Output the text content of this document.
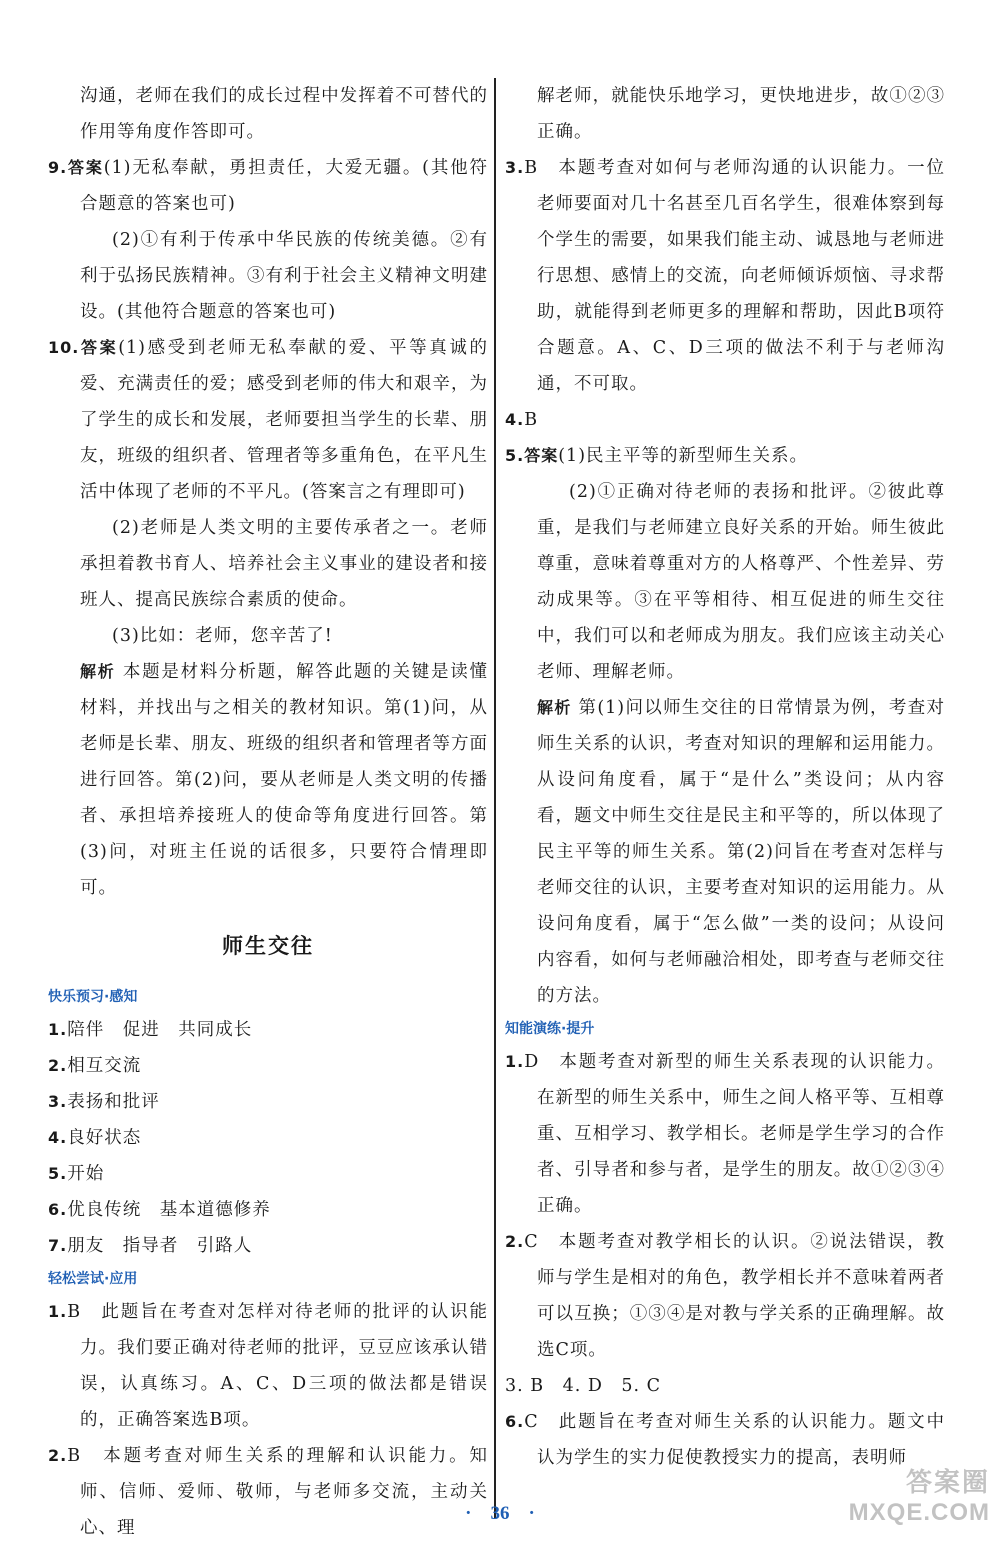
沟通，老师在我们的成长过程中发挥着不可替代的作用等角度作答即可。

9.答案(1)无私奉献，勇担责任，大爱无疆。(其他符合题意的答案也可)

(2)①有利于传承中华民族的传统美德。②有利于弘扬民族精神。③有利于社会主义精神文明建设。(其他符合题意的答案也可)

10.答案(1)感受到老师无私奉献的爱、平等真诚的爱、充满责任的爱；感受到老师的伟大和艰辛，为了学生的成长和发展，老师要担当学生的长辈、朋友，班级的组织者、管理者等多重角色，在平凡生活中体现了老师的不平凡。(答案言之有理即可)

(2)老师是人类文明的主要传承者之一。老师承担着教书育人、培养社会主义事业的建设者和接班人、提高民族综合素质的使命。

(3)比如：老师，您辛苦了!

解析 本题是材料分析题，解答此题的关键是读懂材料，并找出与之相关的教材知识。第(1)问，从老师是长辈、朋友、班级的组织者和管理者等方面进行回答。第(2)问，要从老师是人类文明的传播者、承担培养接班人的使命等角度进行回答。第(3)问，对班主任说的话很多，只要符合情理即可。

师生交往
快乐预习·感知

1.陪伴　促进　共同成长

2.相互交流

3.表扬和批评

4.良好状态

5.开始

6.优良传统　基本道德修养

7.朋友　指导者　引路人

轻松尝试·应用

1.B　此题旨在考查对怎样对待老师的批评的认识能力。我们要正确对待老师的批评，豆豆应该承认错误，认真练习。A、C、D三项的做法都是错误的，正确答案选B项。

2.B　本题考查对师生关系的理解和认识能力。知师、信师、爱师、敬师，与老师多交流，主动关心、理

解老师，就能快乐地学习，更快地进步，故①②③正确。

3.B　本题考查对如何与老师沟通的认识能力。一位老师要面对几十名甚至几百名学生，很难体察到每个学生的需要，如果我们能主动、诚恳地与老师进行思想、感情上的交流，向老师倾诉烦恼、寻求帮助，就能得到老师更多的理解和帮助，因此B项符合题意。A、C、D三项的做法不利于与老师沟通，不可取。

4.B

5.答案(1)民主平等的新型师生关系。

(2)①正确对待老师的表扬和批评。②彼此尊重，是我们与老师建立良好关系的开始。师生彼此尊重，意味着尊重对方的人格尊严、个性差异、劳动成果等。③在平等相待、相互促进的师生交往中，我们可以和老师成为朋友。我们应该主动关心老师、理解老师。

解析 第(1)问以师生交往的日常情景为例，考查对师生关系的认识，考查对知识的理解和运用能力。从设问角度看，属于“是什么”类设问；从内容看，题文中师生交往是民主和平等的，所以体现了民主平等的师生关系。第(2)问旨在考查对怎样与老师交往的认识，主要考查对知识的运用能力。从设问角度看，属于“怎么做”一类的设问；从设问内容看，如何与老师融洽相处，即考查与老师交往的方法。

知能演练·提升

1.D　本题考查对新型的师生关系表现的认识能力。在新型的师生关系中，师生之间人格平等、互相尊重、互相学习、教学相长。老师是学生学习的合作者、引导者和参与者，是学生的朋友。故①②③④正确。

2.C　本题考查对教学相长的认识。②说法错误，教师与学生是相对的角色，教学相长并不意味着两者可以互换；①③④是对教与学关系的正确理解。故选C项。

3. B　4. D　5. C

6.C　此题旨在考查对师生关系的认识能力。题文中认为学生的实力促使教授实力的提高，表明师

·　36　·
答案圈
MXQE.COM
